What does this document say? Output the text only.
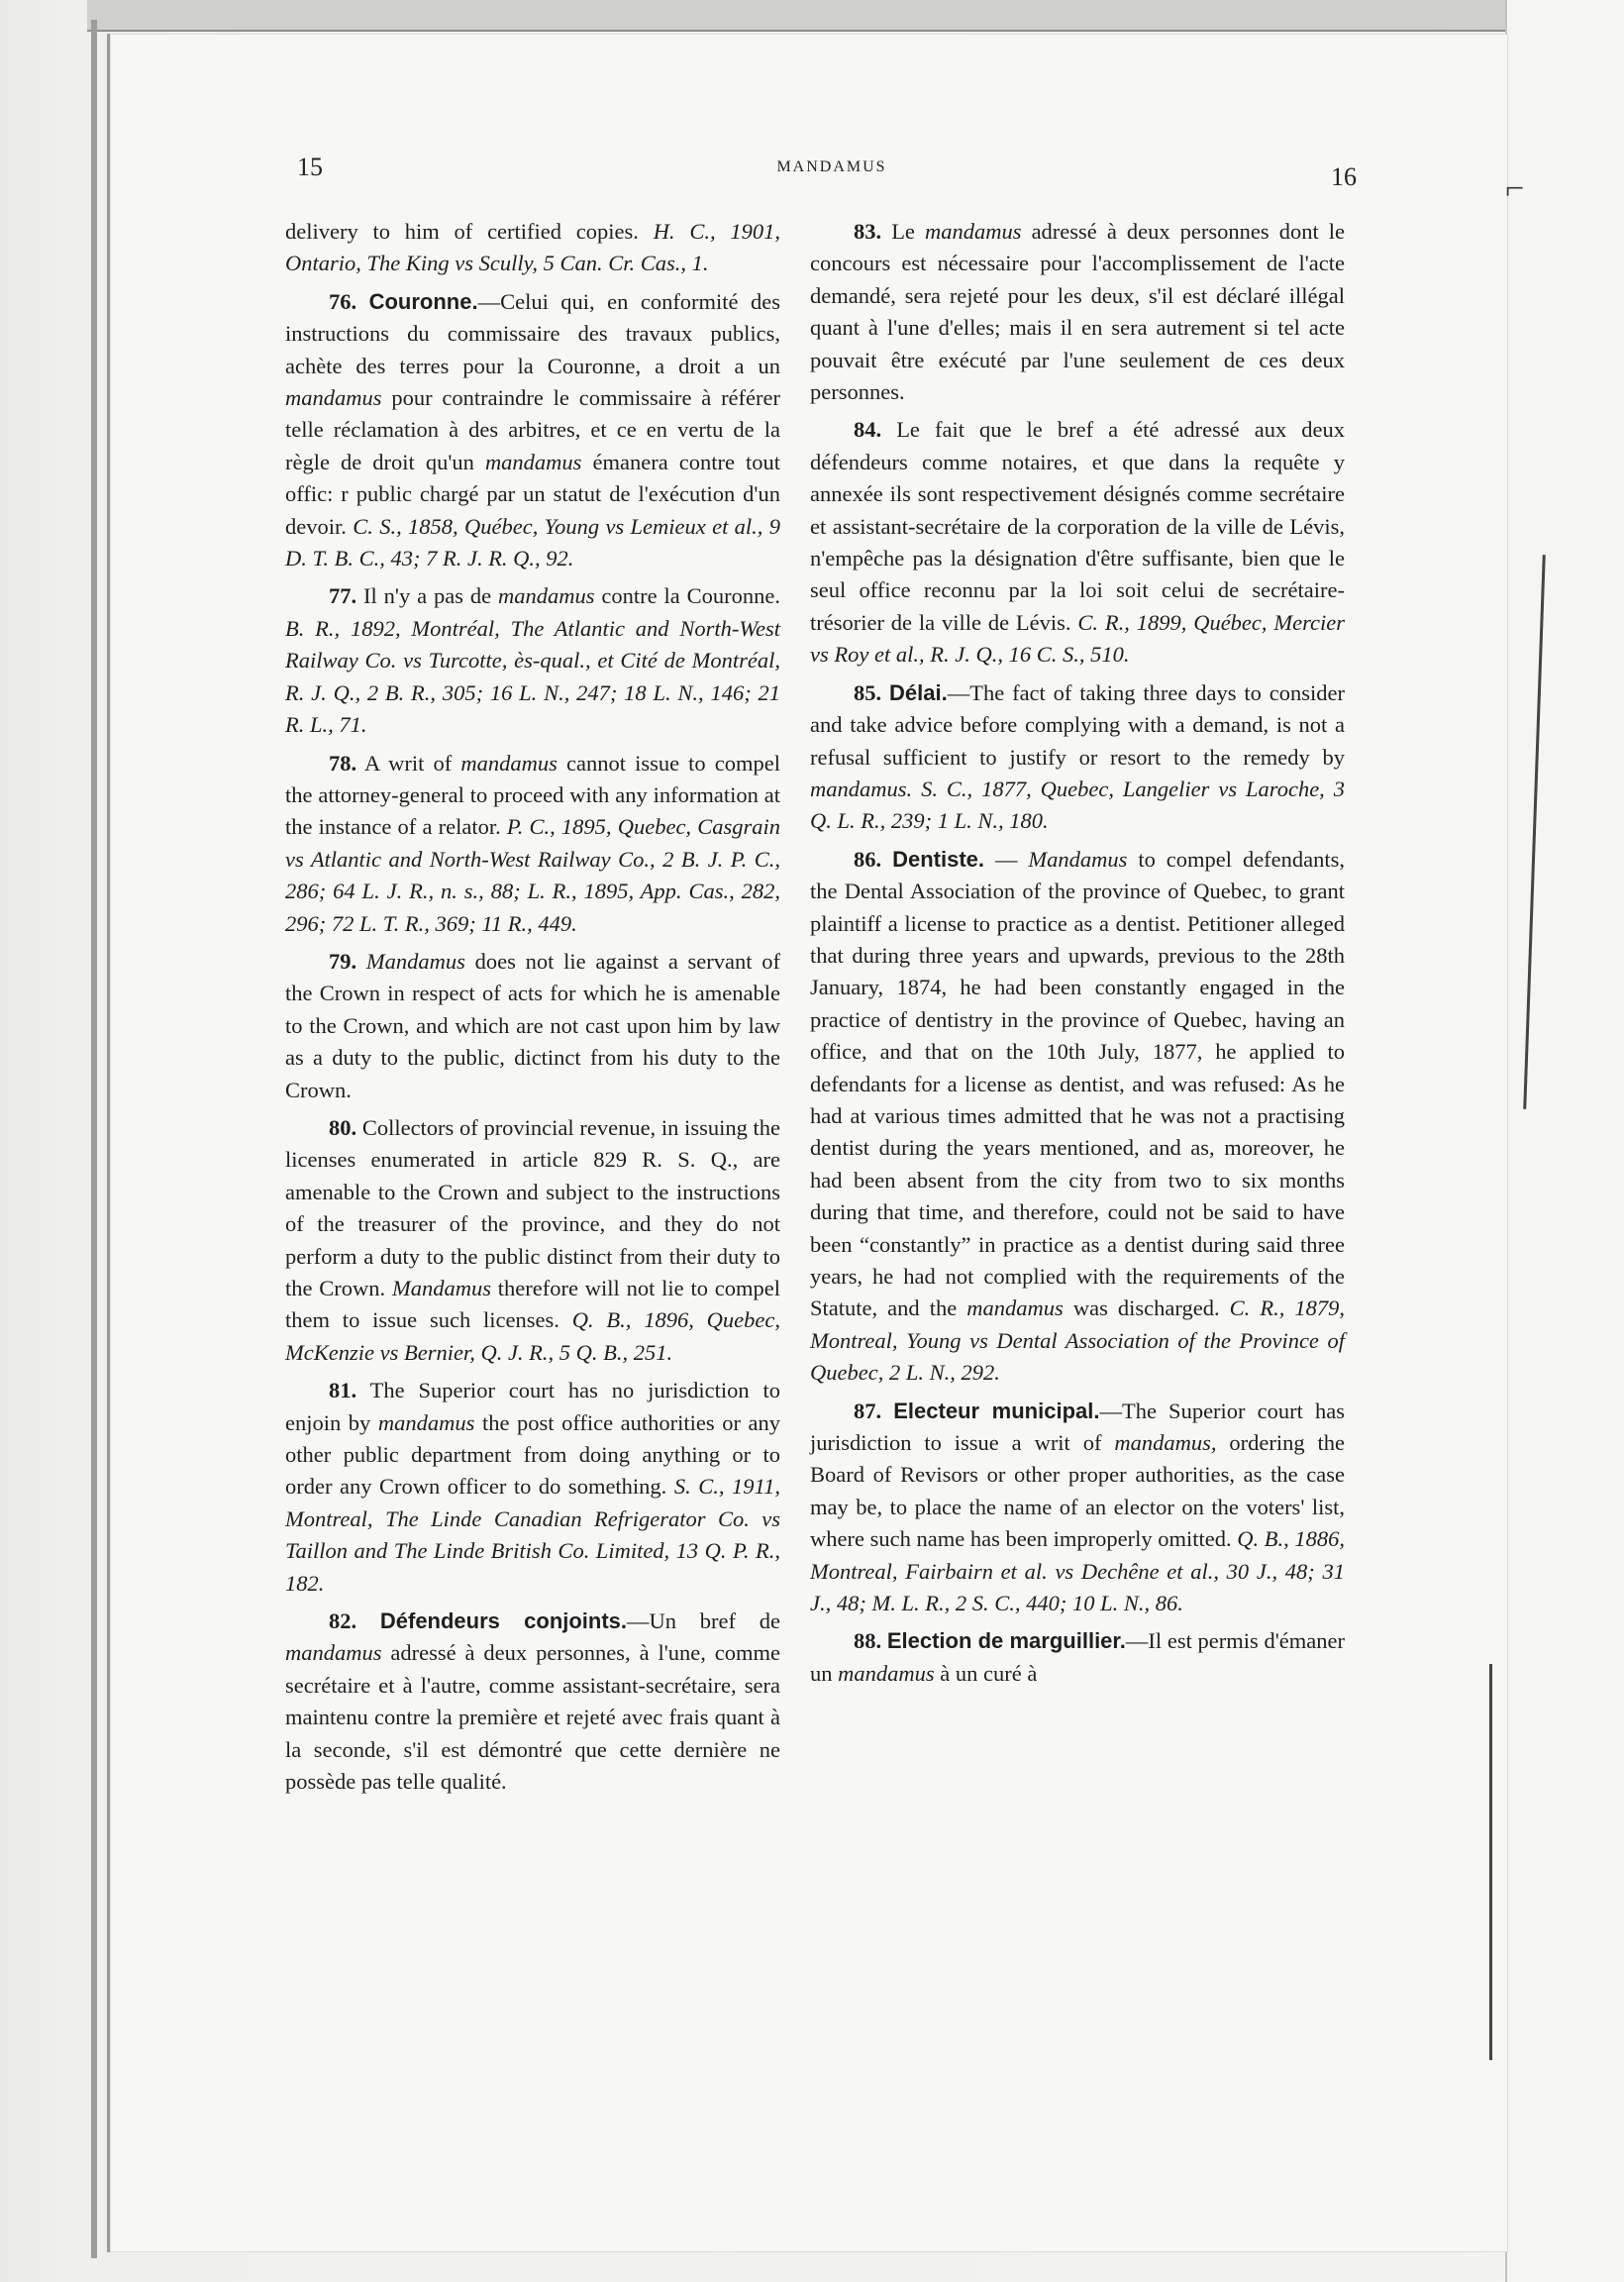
⌐
15	MANDAMUS	16

delivery to him of certified copies. H. C., 1901, Ontario, The King vs Scully, 5 Can. Cr. Cas., 1.

76. Couronne.—Celui qui, en conformité des instructions du commissaire des travaux publics, achète des terres pour la Couronne, a droit a un mandamus pour contraindre le commissaire à référer telle réclamation à des arbitres, et ce en vertu de la règle de droit qu'un mandamus émanera contre tout offic: r public chargé par un statut de l'exécution d'un devoir. C. S., 1858, Québec, Young vs Lemieux et al., 9 D. T. B. C., 43; 7 R. J. R. Q., 92.

77. Il n'y a pas de mandamus contre la Couronne. B. R., 1892, Montréal, The Atlantic and North-West Railway Co. vs Turcotte, ès-qual., et Cité de Montréal, R. J. Q., 2 B. R., 305; 16 L. N., 247; 18 L. N., 146; 21 R. L., 71.

78. A writ of mandamus cannot issue to compel the attorney-general to proceed with any information at the instance of a relator. P. C., 1895, Quebec, Casgrain vs Atlantic and North-West Railway Co., 2 B. J. P. C., 286; 64 L. J. R., n. s., 88; L. R., 1895, App. Cas., 282, 296; 72 L. T. R., 369; 11 R., 449.

79. Mandamus does not lie against a servant of the Crown in respect of acts for which he is amenable to the Crown, and which are not cast upon him by law as a duty to the public, dictinct from his duty to the Crown.

80. Collectors of provincial revenue, in issuing the licenses enumerated in article 829 R. S. Q., are amenable to the Crown and subject to the instructions of the treasurer of the province, and they do not perform a duty to the public distinct from their duty to the Crown. Mandamus therefore will not lie to compel them to issue such licenses. Q. B., 1896, Quebec, McKenzie vs Bernier, Q. J. R., 5 Q. B., 251.

81. The Superior court has no jurisdiction to enjoin by mandamus the post office authorities or any other public department from doing anything or to order any Crown officer to do something. S. C., 1911, Montreal, The Linde Canadian Refrigerator Co. vs Taillon and The Linde British Co. Limited, 13 Q. P. R., 182.

82. Défendeurs conjoints.—Un bref de mandamus adressé à deux personnes, à l'une, comme secrétaire et à l'autre, comme assistant-secrétaire, sera maintenu contre la première et rejeté avec frais quant à la seconde, s'il est démontré que cette dernière ne possède pas telle qualité.

83. Le mandamus adressé à deux personnes dont le concours est nécessaire pour l'accomplissement de l'acte demandé, sera rejeté pour les deux, s'il est déclaré illégal quant à l'une d'elles; mais il en sera autrement si tel acte pouvait être exécuté par l'une seulement de ces deux personnes.

84. Le fait que le bref a été adressé aux deux défendeurs comme notaires, et que dans la requête y annexée ils sont respectivement désignés comme secrétaire et assistant-secrétaire de la corporation de la ville de Lévis, n'empêche pas la désignation d'être suffisante, bien que le seul office reconnu par la loi soit celui de secrétaire-trésorier de la ville de Lévis. C. R., 1899, Québec, Mercier vs Roy et al., R. J. Q., 16 C. S., 510.

85. Délai.—The fact of taking three days to consider and take advice before complying with a demand, is not a refusal sufficient to justify or resort to the remedy by mandamus. S. C., 1877, Quebec, Langelier vs Laroche, 3 Q. L. R., 239; 1 L. N., 180.

86. Dentiste. — Mandamus to compel defendants, the Dental Association of the province of Quebec, to grant plaintiff a license to practice as a dentist. Petitioner alleged that during three years and upwards, previous to the 28th January, 1874, he had been constantly engaged in the practice of dentistry in the province of Quebec, having an office, and that on the 10th July, 1877, he applied to defendants for a license as dentist, and was refused: As he had at various times admitted that he was not a practising dentist during the years mentioned, and as, moreover, he had been absent from the city from two to six months during that time, and therefore, could not be said to have been “constantly” in practice as a dentist during said three years, he had not complied with the requirements of the Statute, and the mandamus was discharged. C. R., 1879, Montreal, Young vs Dental Association of the Province of Quebec, 2 L. N., 292.

87. Electeur municipal.—The Superior court has jurisdiction to issue a writ of mandamus, ordering the Board of Revisors or other proper authorities, as the case may be, to place the name of an elector on the voters' list, where such name has been improperly omitted. Q. B., 1886, Montreal, Fairbairn et al. vs Dechêne et al., 30 J., 48; 31 J., 48; M. L. R., 2 S. C., 440; 10 L. N., 86.

88. Election de marguillier.—Il est permis d'émaner un mandamus à un curé à
